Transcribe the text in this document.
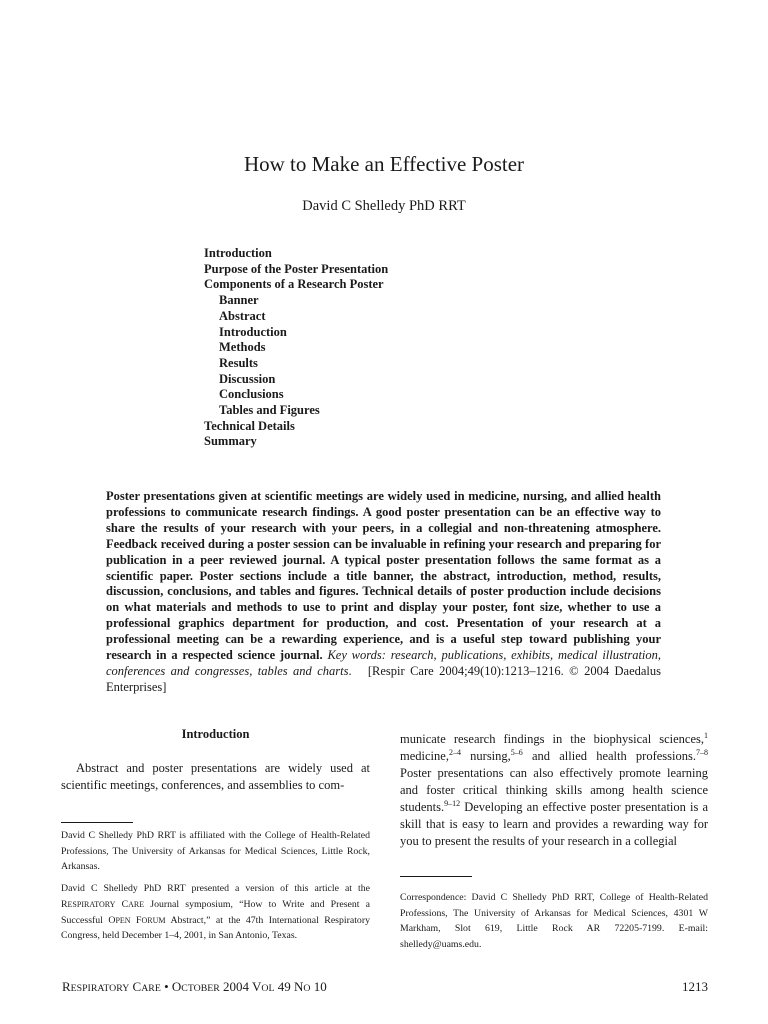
How to Make an Effective Poster
David C Shelledy PhD RRT
Introduction
Purpose of the Poster Presentation
Components of a Research Poster
Banner
Abstract
Introduction
Methods
Results
Discussion
Conclusions
Tables and Figures
Technical Details
Summary
Poster presentations given at scientific meetings are widely used in medicine, nursing, and allied health professions to communicate research findings. A good poster presentation can be an effective way to share the results of your research with your peers, in a collegial and non-threatening atmosphere. Feedback received during a poster session can be invaluable in refining your research and preparing for publication in a peer reviewed journal. A typical poster presentation follows the same format as a scientific paper. Poster sections include a title banner, the abstract, introduction, method, results, discussion, conclusions, and tables and figures. Technical details of poster production include decisions on what materials and methods to use to print and display your poster, font size, whether to use a professional graphics department for production, and cost. Presentation of your research at a professional meeting can be a rewarding experience, and is a useful step toward publishing your research in a respected science journal. Key words: research, publications, exhibits, medical illustration, conferences and congresses, tables and charts.   [Respir Care 2004;49(10):1213–1216. © 2004 Daedalus Enterprises]
Introduction

Abstract and poster presentations are widely used at scientific meetings, conferences, and assemblies to com-

David C Shelledy PhD RRT is affiliated with the College of Health-Related Professions, The University of Arkansas for Medical Sciences, Little Rock, Arkansas.
David C Shelledy PhD RRT presented a version of this article at the RESPIRATORY CARE Journal symposium, “How to Write and Present a Successful OPEN FORUM Abstract,” at the 47th International Respiratory Congress, held December 1–4, 2001, in San Antonio, Texas.

municate research findings in the biophysical sciences,$^1$ medicine,$^{2-4}$ nursing,$^{5-6}$ and allied health professions.$^{7-8}$ Poster presentations can also effectively promote learning and foster critical thinking skills among health science students.$^{9-12}$ Developing an effective poster presentation is a skill that is easy to learn and provides a rewarding way for you to present the results of your research in a collegial

Correspondence: David C Shelledy PhD RRT, College of Health-Related Professions, The University of Arkansas for Medical Sciences, 4301 W Markham, Slot 619, Little Rock AR 72205-7199. E-mail: shelledy@uams.edu.
RESPIRATORY CARE • OCTOBER 2004 VOL 49 NO 10	1213
